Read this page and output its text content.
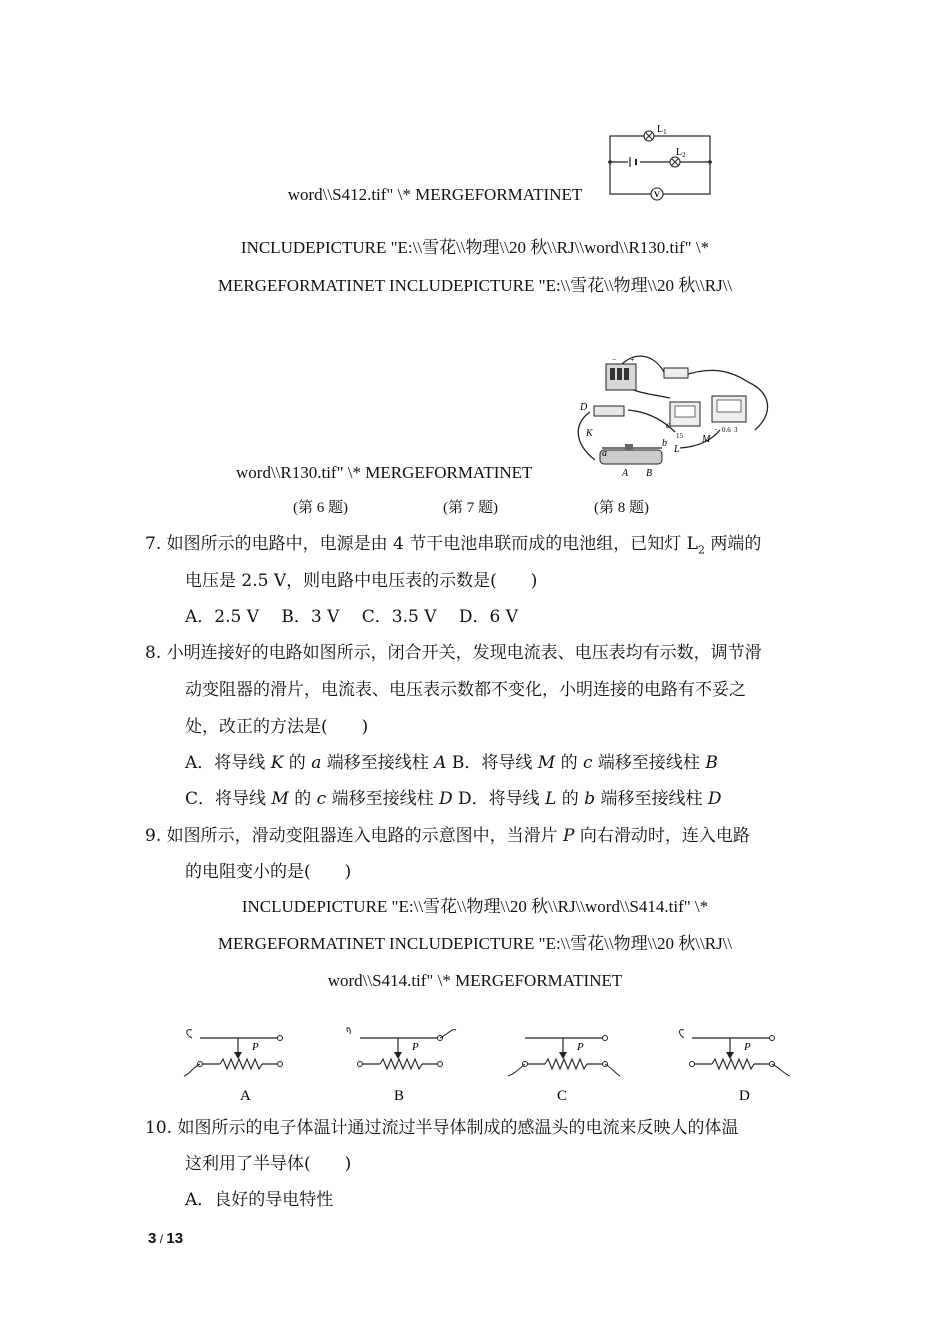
$L_1$
$L_2$
V
word\\S412.tif" \* MERGEFORMATINET
INCLUDEPICTURE "E:\\雪花\\物理\\20 秋\\RJ\\word\\R130.tif" \*
MERGEFORMATINET INCLUDEPICTURE "E:\\雪花\\物理\\20 秋\\RJ\\
− +
D
K
a
A B
b
L
M
c
15
0.6 3
−
word\\R130.tif" \* MERGEFORMATINET
(第 6 题)	(第 7 题)	(第 8 题)
7. 如图所示的电路中，电源是由 4 节干电池串联而成的电池组，已知灯 $L_2$ 两端的
电压是 2.5 V，则电路中电压表的示数是(　　)
A．2.5 V　 B．3 V　 C．3.5 V　 D．6 V
8. 小明连接好的电路如图所示，闭合开关，发现电流表、电压表均有示数，调节滑
动变阻器的滑片，电流表、电压表示数都不变化，小明连接的电路有不妥之
处，改正的方法是(　　)
A．将导线 K 的 a 端移至接线柱 A B．将导线 M 的 c 端移至接线柱 B
C．将导线 M 的 c 端移至接线柱 D D．将导线 L 的 b 端移至接线柱 D
9. 如图所示，滑动变阻器连入电路的示意图中，当滑片 P 向右滑动时，连入电路
的电阻变小的是(　　)
INCLUDEPICTURE "E:\\雪花\\物理\\20 秋\\RJ\\word\\S414.tif" \*
MERGEFORMATINET INCLUDEPICTURE "E:\\雪花\\物理\\20 秋\\RJ\\
word\\S414.tif" \* MERGEFORMATINET
P	P	P	P
A	B	C	D
10. 如图所示的电子体温计通过流过半导体制成的感温头的电流来反映人的体温
这利用了半导体(　　)
A．良好的导电特性
3 / 13
